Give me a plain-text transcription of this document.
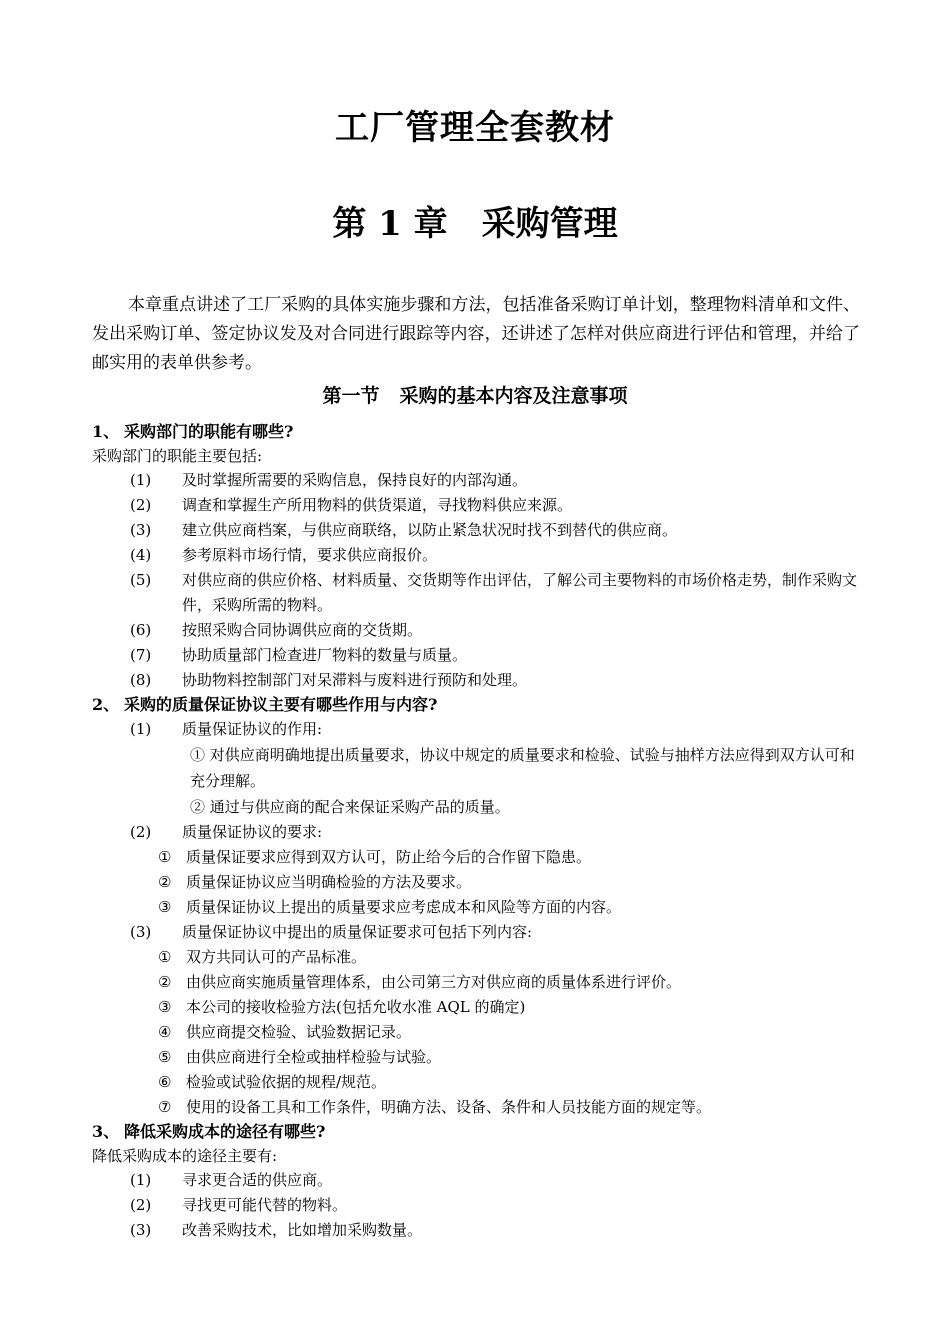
工厂管理全套教材
第 1 章 采购管理

本章重点讲述了工厂采购的具体实施步骤和方法，包括准备采购订单计划，整理物料清单和文件、发出采购订单、签定协议发及对合同进行跟踪等内容，还讲述了怎样对供应商进行评估和管理，并给了邮实用的表单供参考。

第一节 采购的基本内容及注意事项
1、 采购部门的职能有哪些?
采购部门的职能主要包括:
(1) 及时掌握所需要的采购信息，保持良好的内部沟通。
(2) 调查和掌握生产所用物料的供货渠道，寻找物料供应来源。
(3) 建立供应商档案，与供应商联络，以防止紧急状况时找不到替代的供应商。
(4) 参考原料市场行情，要求供应商报价。
(5) 对供应商的供应价格、材料质量、交货期等作出评估，了解公司主要物料的市场价格走势，制作采购文件，采购所需的物料。
(6) 按照采购合同协调供应商的交货期。
(7) 协助质量部门检查进厂物料的数量与质量。
(8) 协助物料控制部门对呆滞料与废料进行预防和处理。
2、 采购的质量保证协议主要有哪些作用与内容?
(1) 质量保证协议的作用:
① 对供应商明确地提出质量要求，协议中规定的质量要求和检验、试验与抽样方法应得到双方认可和充分理解。
② 通过与供应商的配合来保证采购产品的质量。
(2) 质量保证协议的要求:
① 质量保证要求应得到双方认可，防止给今后的合作留下隐患。
② 质量保证协议应当明确检验的方法及要求。
③ 质量保证协议上提出的质量要求应考虑成本和风险等方面的内容。
(3) 质量保证协议中提出的质量保证要求可包括下列内容:
① 双方共同认可的产品标准。
② 由供应商实施质量管理体系，由公司第三方对供应商的质量体系进行评价。
③ 本公司的接收检验方法(包括允收水准 AQL 的确定)
④ 供应商提交检验、试验数据记录。
⑤ 由供应商进行全检或抽样检验与试验。
⑥ 检验或试验依据的规程/规范。
⑦ 使用的设备工具和工作条件，明确方法、设备、条件和人员技能方面的规定等。
3、 降低采购成本的途径有哪些?
降低采购成本的途径主要有:
(1) 寻求更合适的供应商。
(2) 寻找更可能代替的物料。
(3) 改善采购技术，比如增加采购数量。
